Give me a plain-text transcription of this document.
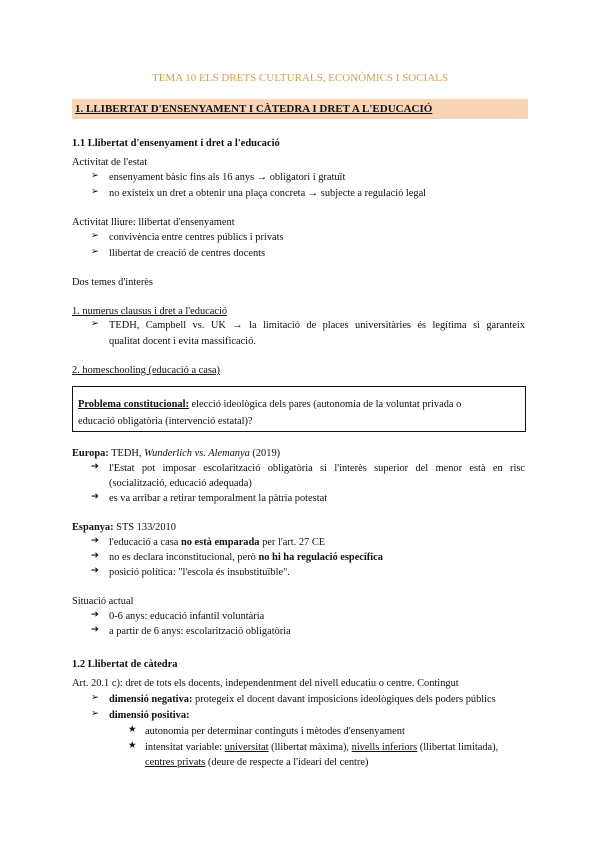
TEMA 10 ELS DRETS CULTURALS, ECONÒMICS I SOCIALS
1. LLIBERTAT D'ENSENYAMENT I CÀTEDRA I DRET A L'EDUCACIÓ
1.1 Llibertat d'ensenyament i dret a l'educació
Activitat de l'estat
➢ ensenyament bàsic fins als 16 anys → obligatori i gratuït
➢ no existeix un dret a obtenir una plaça concreta → subjecte a regulació legal
Activitat lliure: llibertat d'ensenyament
➢ convivència entre centres públics i privats
➢ llibertat de creació de centres docents
Dos temes d'interès
1. numerus clausus i dret a l'educació
➢ TEDH, Campbell vs. UK → la limitació de places universitàries és legítima si garanteix
qualitat docent i evita massificació.
2. homeschooling (educació a casa)
Problema constitucional: elecció ideològica dels pares (autonomia de la voluntat privada o
educació obligatòria (intervenció estatal)?
Europa: TEDH, Wunderlich vs. Alemanya (2019)
➔ l'Estat pot imposar escolarització obligatòria si l'interès superior del menor està en risc
(socialització, educació adequada)
➔ es va arribar a retirar temporalment la pàtria potestat
Espanya: STS 133/2010
➔ l'educació a casa no està emparada per l'art. 27 CE
➔ no es declara inconstitucional, però no hi ha regulació específica
➔ posició política: "l'escola és insubstituïble".
Situació actual
➔ 0-6 anys: educació infantil voluntària
➔ a partir de 6 anys: escolarització obligatòria
1.2 Llibertat de càtedra
Art. 20.1 c): dret de tots els docents, independentment del nivell educatiu o centre. Contingut
➢ dimensió negativa: protegeix el docent davant imposicions ideològiques dels poders públics
➢ dimensió positiva:
★ autonomia per determinar continguts i mètodes d'ensenyament
★ intensitat variable: universitat (llibertat màxima), nivells inferiors (llibertat limitada),
centres privats (deure de respecte a l'ideari del centre)
